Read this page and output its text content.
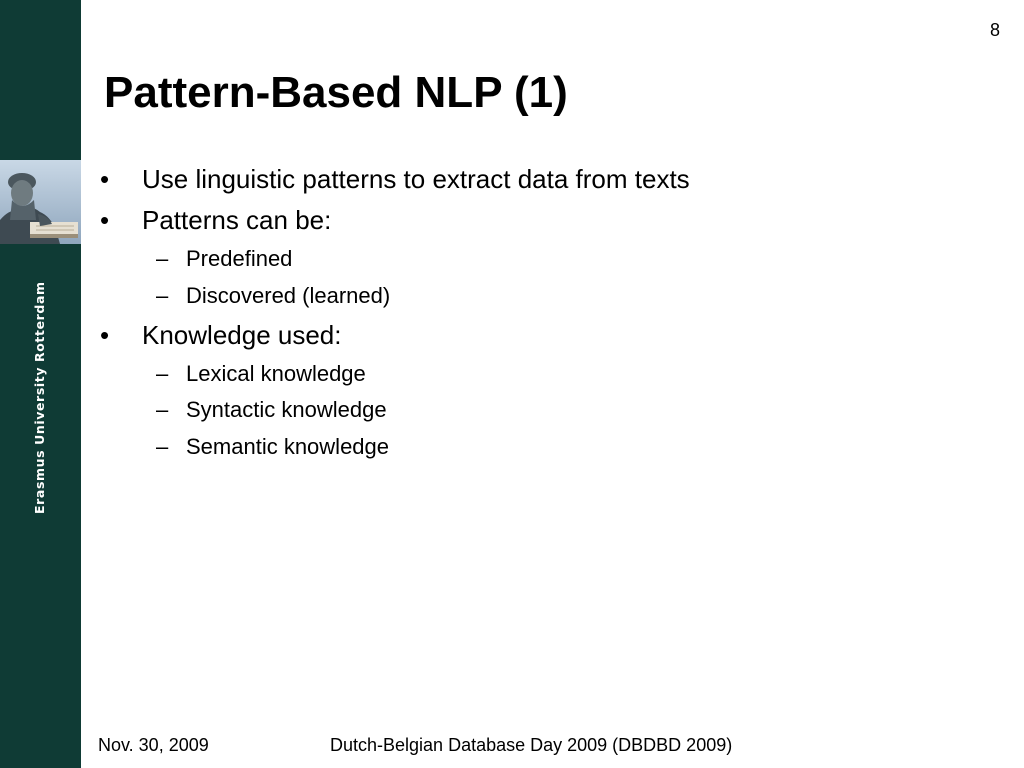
Erasmus University Rotterdam
8
Pattern-Based NLP (1)
• Use linguistic patterns to extract data from texts
• Patterns can be:
– Predefined
– Discovered (learned)
• Knowledge used:
– Lexical knowledge
– Syntactic knowledge
– Semantic knowledge
Nov. 30, 2009	Dutch-Belgian Database Day 2009 (DBDBD 2009)
